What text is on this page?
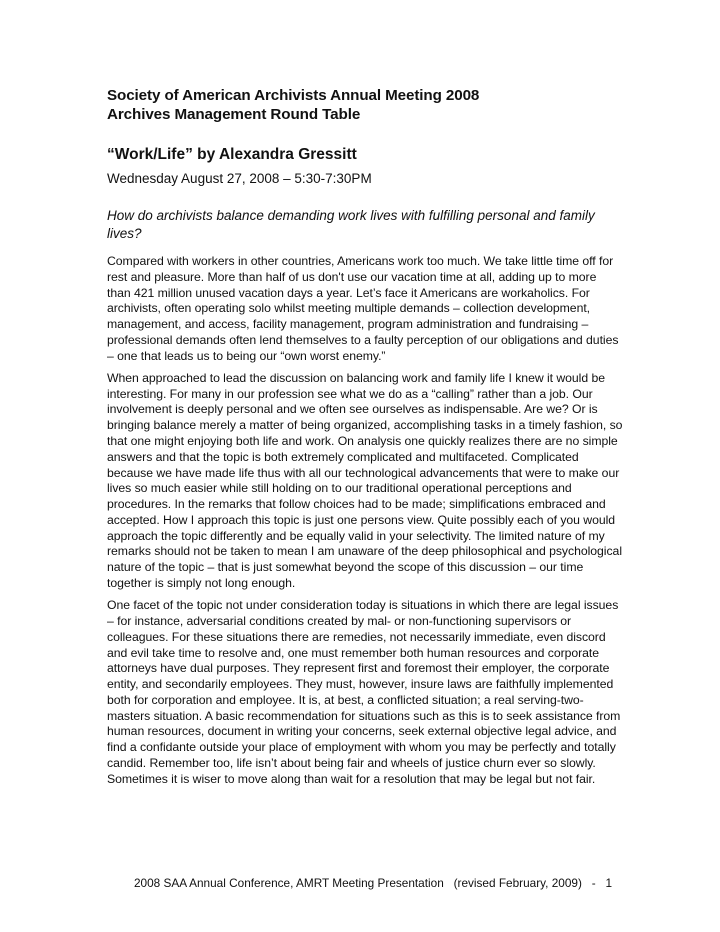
Society of American Archivists Annual Meeting 2008
Archives Management Round Table
“Work/Life” by Alexandra Gressitt
Wednesday August 27, 2008 – 5:30-7:30PM
How do archivists balance demanding work lives with fulfilling personal and family lives?

Compared with workers in other countries, Americans work too much. We take little time off for rest and pleasure. More than half of us don't use our vacation time at all, adding up to more than 421 million unused vacation days a year. Let’s face it Americans are workaholics. For archivists, often operating solo whilst meeting multiple demands – collection development, management, and access, facility management, program administration and fundraising – professional demands often lend themselves to a faulty perception of our obligations and duties – one that leads us to being our “own worst enemy.”

When approached to lead the discussion on balancing work and family life I knew it would be interesting. For many in our profession see what we do as a “calling” rather than a job. Our involvement is deeply personal and we often see ourselves as indispensable. Are we? Or is bringing balance merely a matter of being organized, accomplishing tasks in a timely fashion, so that one might enjoying both life and work. On analysis one quickly realizes there are no simple answers and that the topic is both extremely complicated and multifaceted. Complicated because we have made life thus with all our technological advancements that were to make our lives so much easier while still holding on to our traditional operational perceptions and procedures. In the remarks that follow choices had to be made; simplifications embraced and accepted. How I approach this topic is just one persons view. Quite possibly each of you would approach the topic differently and be equally valid in your selectivity. The limited nature of my remarks should not be taken to mean I am unaware of the deep philosophical and psychological nature of the topic – that is just somewhat beyond the scope of this discussion – our time together is simply not long enough.

One facet of the topic not under consideration today is situations in which there are legal issues – for instance, adversarial conditions created by mal- or non-functioning supervisors or colleagues. For these situations there are remedies, not necessarily immediate, even discord and evil take time to resolve and, one must remember both human resources and corporate attorneys have dual purposes. They represent first and foremost their employer, the corporate entity, and secondarily employees. They must, however, insure laws are faithfully implemented both for corporation and employee. It is, at best, a conflicted situation; a real serving-two-masters situation. A basic recommendation for situations such as this is to seek assistance from human resources, document in writing your concerns, seek external objective legal advice, and find a confidante outside your place of employment with whom you may be perfectly and totally candid. Remember too, life isn’t about being fair and wheels of justice churn ever so slowly. Sometimes it is wiser to move along than wait for a resolution that may be legal but not fair.

2008 SAA Annual Conference, AMRT Meeting Presentation   (revised February, 2009)   -   1
